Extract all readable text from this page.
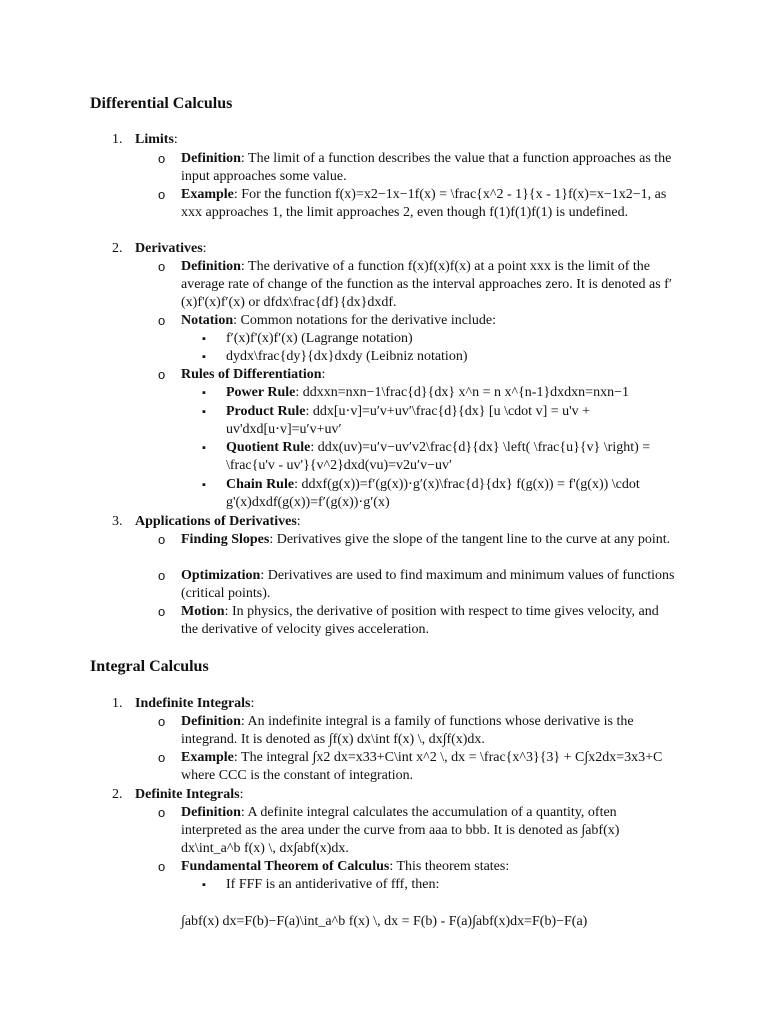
Differential Calculus
1. Limits:
o Definition: The limit of a function describes the value that a function approaches as the input approaches some value.
o Example: For the function f(x)=x2−1x−1f(x) = \frac{x^2 - 1}{x - 1}f(x)=x−1x2−1, as xxx approaches 1, the limit approaches 2, even though f(1)f(1)f(1) is undefined.
2. Derivatives:
o Definition: The derivative of a function f(x)f(x)f(x) at a point xxx is the limit of the average rate of change of the function as the interval approaches zero. It is denoted as f′(x)f'(x)f′(x) or dfdx\frac{df}{dx}dxdf.
o Notation: Common notations for the derivative include:
▪ f′(x)f'(x)f′(x) (Lagrange notation)
▪ dydx\frac{dy}{dx}dxdy (Leibniz notation)
o Rules of Differentiation:
▪ Power Rule: ddxxn=nxn−1\frac{d}{dx} x^n = n x^{n-1}dxdxn=nxn−1
▪ Product Rule: ddx[u⋅v]=u′v+uv′\frac{d}{dx} [u \cdot v] = u'v + uv'dxd[u⋅v]=u′v+uv′
▪ Quotient Rule: ddx(uv)=u′v−uv′v2\frac{d}{dx} \left( \frac{u}{v} \right) = \frac{u'v - uv'}{v^2}dxd(vu)=v2u′v−uv′
▪ Chain Rule: ddxf(g(x))=f′(g(x))⋅g′(x)\frac{d}{dx} f(g(x)) = f'(g(x)) \cdot g'(x)dxdf(g(x))=f′(g(x))⋅g′(x)
3. Applications of Derivatives:
o Finding Slopes: Derivatives give the slope of the tangent line to the curve at any point.
o Optimization: Derivatives are used to find maximum and minimum values of functions (critical points).
o Motion: In physics, the derivative of position with respect to time gives velocity, and the derivative of velocity gives acceleration.
Integral Calculus
1. Indefinite Integrals:
o Definition: An indefinite integral is a family of functions whose derivative is the integrand. It is denoted as ∫f(x) dx\int f(x) \, dx∫f(x)dx.
o Example: The integral ∫x2 dx=x33+C\int x^2 \, dx = \frac{x^3}{3} + C∫x2dx=3x3+C where CCC is the constant of integration.
2. Definite Integrals:
o Definition: A definite integral calculates the accumulation of a quantity, often interpreted as the area under the curve from aaa to bbb. It is denoted as ∫abf(x) dx\int_a^b f(x) \, dx∫abf(x)dx.
o Fundamental Theorem of Calculus: This theorem states:
▪ If FFF is an antiderivative of fff, then:
∫abf(x) dx=F(b)−F(a)\int_a^b f(x) \, dx = F(b) - F(a)∫abf(x)dx=F(b)−F(a)
